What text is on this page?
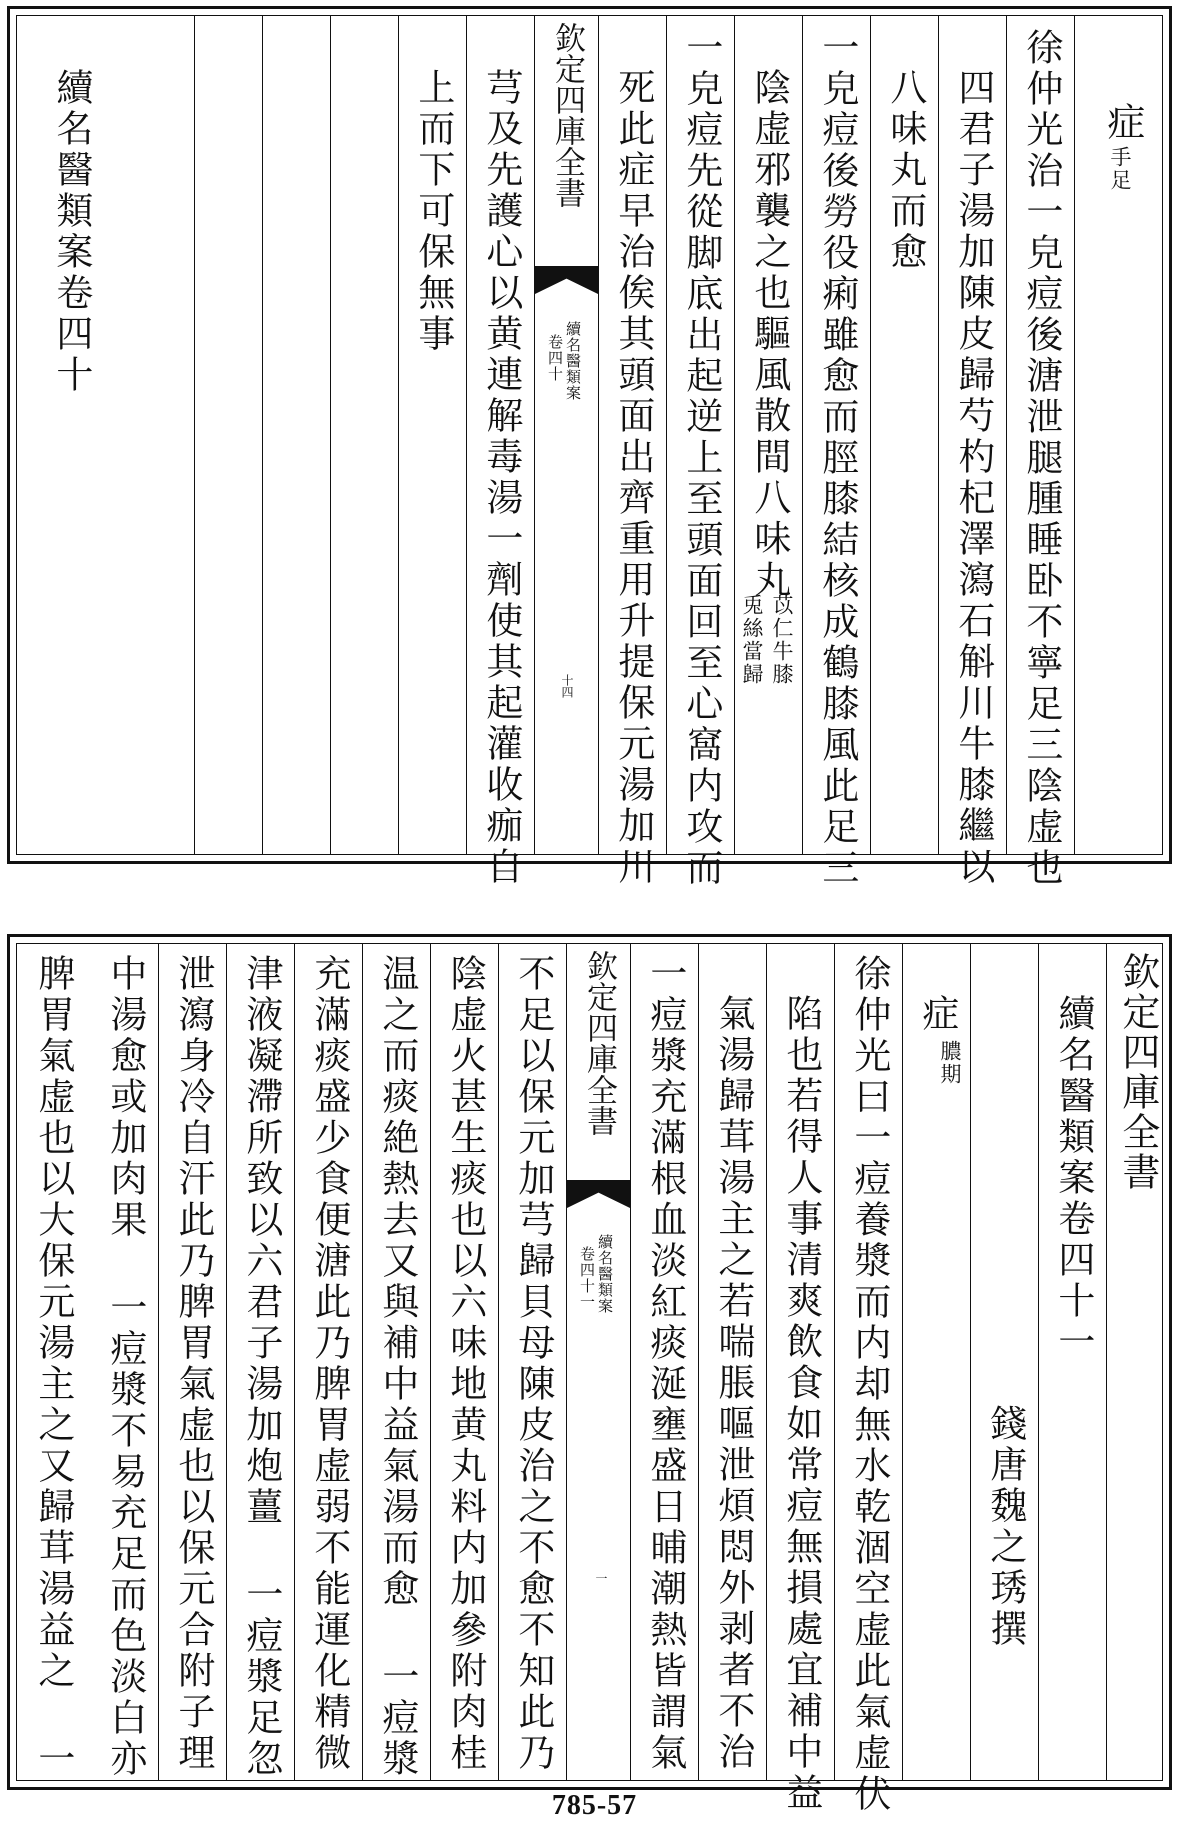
症
手足
徐仲光治一皃痘後溏泄腿腫睡卧不寧足三陰虚也
四君子湯加陳皮歸芍杓杞澤瀉石斛川牛膝繼以
八味丸而愈
一皃痘後勞役痢雖愈而脛膝結核成鶴膝風此足三
陰虚邪襲之也驅風散間八味丸
苡仁牛膝
兎絲當歸
一皃痘先從脚底出起逆上至頭面回至心窩内攻而
死此症早治俟其頭面出齊重用升提保元湯加川
欽定四庫全書
續名醫類案
卷四十
十四
芎及先護心以黄連解毒湯一劑使其起灌收痂自
上而下可保無事
續名醫類案卷四十
欽定四庫全書
續名醫類案卷四十一
錢唐魏之琇撰
症
膿期
徐仲光曰一痘養漿而内却無水乾涸空虚此氣虚伏
陷也若得人事清爽飲食如常痘無損處宜補中益
氣湯歸茸湯主之若喘脹嘔泄煩悶外剥者不治
一痘漿充滿根血淡紅痰涎壅盛日晡潮熱皆謂氣
欽定四庫全書
續名醫類案
卷四十一
一
不足以保元加芎歸貝母陳皮治之不愈不知此乃
陰虚火甚生痰也以六味地黄丸料内加參附肉桂
温之而痰絶熱去又與補中益氣湯而愈 一痘漿
充滿痰盛少食便溏此乃脾胃虚弱不能運化精微
津液凝滯所致以六君子湯加炮薑 一痘漿足忽
泄瀉身冷自汗此乃脾胃氣虚也以保元合附子理
中湯愈或加肉果 一痘漿不易充足而色淡白亦
脾胃氣虚也以大保元湯主之又歸茸湯益之 一
785-57
